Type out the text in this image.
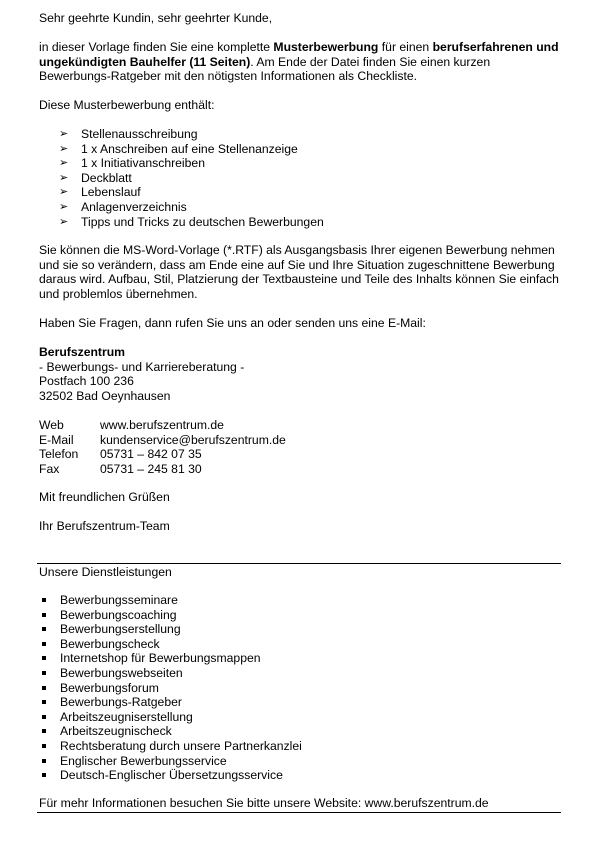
Sehr geehrte Kundin, sehr geehrter Kunde,

in dieser Vorlage finden Sie eine komplette Musterbewerbung für einen berufserfahrenen und ungekündigten Bauhelfer (11 Seiten). Am Ende der Datei finden Sie einen kurzen Bewerbungs-Ratgeber mit den nötigsten Informationen als Checkliste.

Diese Musterbewerbung enthält:

➢ Stellenausschreibung
➢ 1 x Anschreiben auf eine Stellenanzeige
➢ 1 x Initiativanschreiben
➢ Deckblatt
➢ Lebenslauf
➢ Anlagenverzeichnis
➢ Tipps und Tricks zu deutschen Bewerbungen

Sie können die MS-Word-Vorlage (*.RTF) als Ausgangsbasis Ihrer eigenen Bewerbung nehmen und sie so verändern, dass am Ende eine auf Sie und Ihre Situation zugeschnittene Bewerbung daraus wird. Aufbau, Stil, Platzierung der Textbausteine und Teile des Inhalts können Sie einfach und problemlos übernehmen.

Haben Sie Fragen, dann rufen Sie uns an oder senden uns eine E-Mail:

Berufszentrum

- Bewerbungs- und Karriereberatung -

Postfach 100 236

32502 Bad Oeynhausen

Web	www.berufszentrum.de
E-Mail	kundenservice@berufszentrum.de
Telefon	05731 – 842 07 35
Fax	05731 – 245 81 30

Mit freundlichen Grüßen

Ihr Berufszentrum-Team

Unsere Dienstleistungen

Bewerbungsseminare
Bewerbungscoaching
Bewerbungserstellung
Bewerbungscheck
Internetshop für Bewerbungsmappen
Bewerbungswebseiten
Bewerbungsforum
Bewerbungs-Ratgeber
Arbeitszeugniserstellung
Arbeitszeugnischeck
Rechtsberatung durch unsere Partnerkanzlei
Englischer Bewerbungsservice
Deutsch-Englischer Übersetzungsservice

Für mehr Informationen besuchen Sie bitte unsere Website: www.berufszentrum.de
